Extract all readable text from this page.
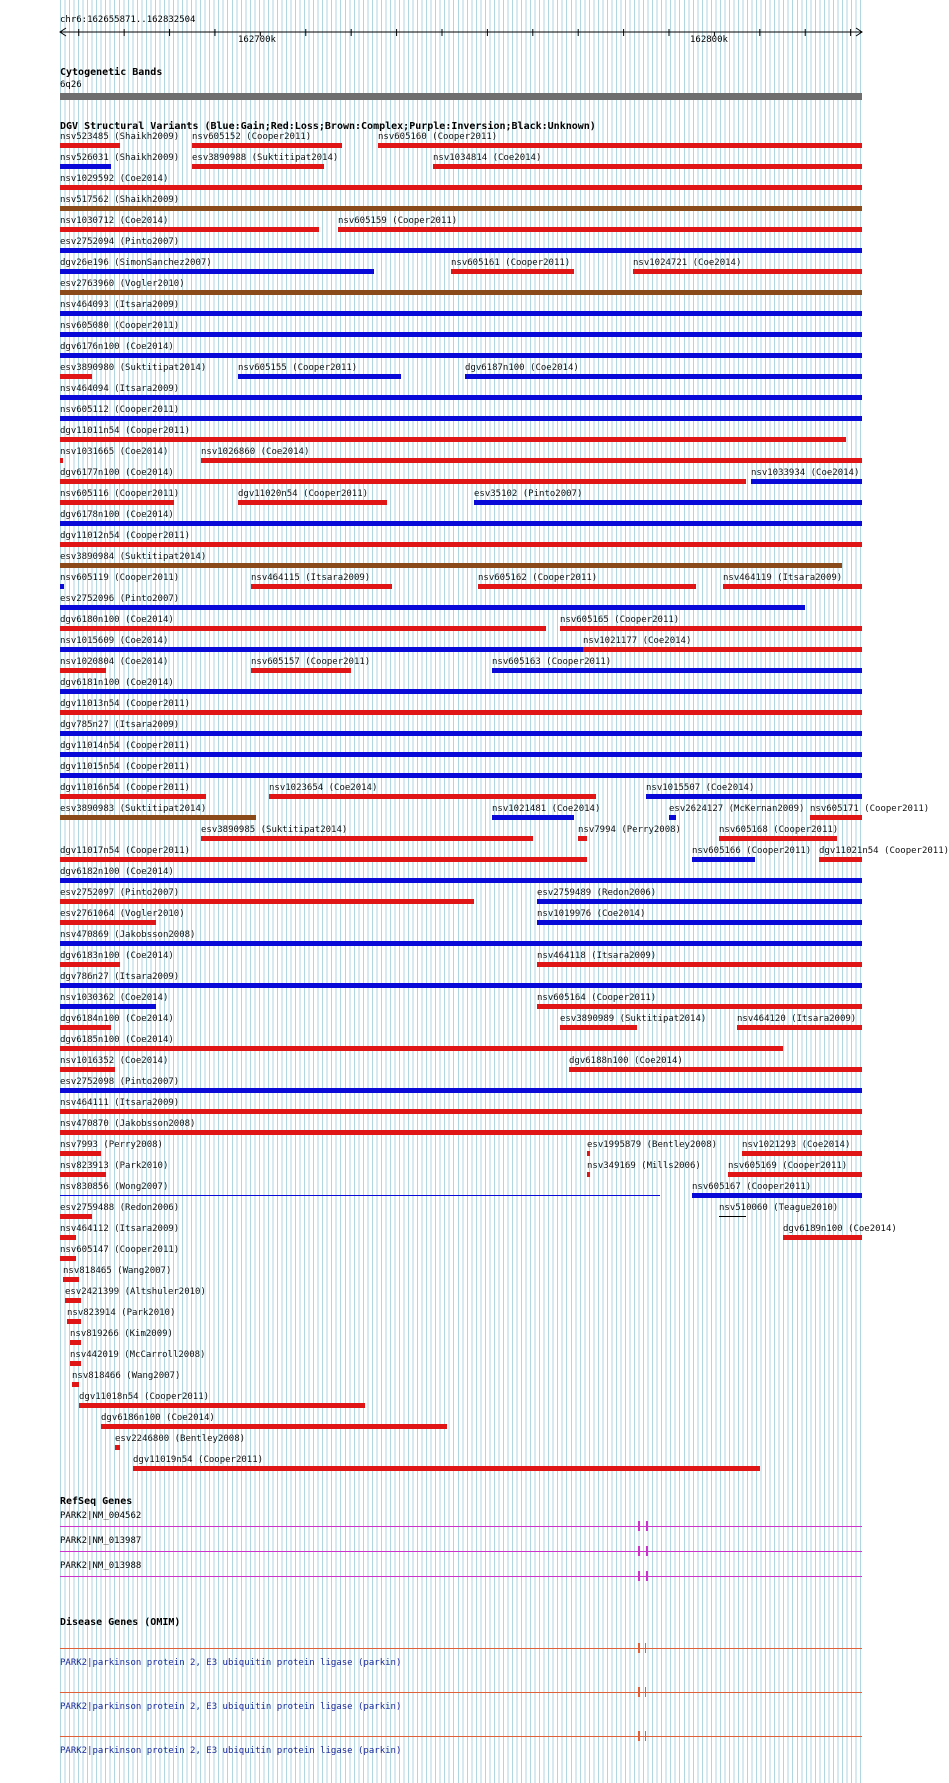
chr6:162655871..162832504
162700k	162800k
Cytogenetic Bands
6q26
DGV Structural Variants (Blue:Gain;Red:Loss;Brown:Complex;Purple:Inversion;Black:Unknown)
nsv523485 (Shaikh2009) nsv605152 (Cooper2011)	nsv605160 (Cooper2011)
nsv526031 (Shaikh2009) esv3890988 (Suktitipat2014)	nsv1034814 (Coe2014)
nsv1029592 (Coe2014)
nsv517562 (Shaikh2009)
nsv1030712 (Coe2014)	nsv605159 (Cooper2011)
esv2752094 (Pinto2007)
dgv26e196 (SimonSanchez2007)	nsv605161 (Cooper2011)	nsv1024721 (Coe2014)
esv2763960 (Vogler2010)
nsv464093 (Itsara2009)
nsv605080 (Cooper2011)
dgv6176n100 (Coe2014)
esv3890980 (Suktitipat2014)	nsv605155 (Cooper2011)	dgv6187n100 (Coe2014)
nsv464094 (Itsara2009)
nsv605112 (Cooper2011)
dgv11011n54 (Cooper2011)
nsv1031665 (Coe2014)	nsv1026860 (Coe2014)
dgv6177n100 (Coe2014)	nsv1033934 (Coe2014)
nsv605116 (Cooper2011)	dgv11020n54 (Cooper2011)	esv35102 (Pinto2007)
dgv6178n100 (Coe2014)
dgv11012n54 (Cooper2011)
esv3890984 (Suktitipat2014)
nsv605119 (Cooper2011)	nsv464115 (Itsara2009)	nsv605162 (Cooper2011)	nsv464119 (Itsara2009)
esv2752096 (Pinto2007)
dgv6180n100 (Coe2014)	nsv605165 (Cooper2011)
nsv1015609 (Coe2014)	nsv1021177 (Coe2014)
nsv1020804 (Coe2014)	nsv605157 (Cooper2011)	nsv605163 (Cooper2011)
dgv6181n100 (Coe2014)
dgv11013n54 (Cooper2011)
dgv785n27 (Itsara2009)
dgv11014n54 (Cooper2011)
dgv11015n54 (Cooper2011)
dgv11016n54 (Cooper2011)	nsv1023654 (Coe2014)	nsv1015507 (Coe2014)
esv3890983 (Suktitipat2014)	nsv1021481 (Coe2014)	esv2624127 (McKernan2009) nsv605171 (Cooper2011)
esv3890985 (Suktitipat2014)	nsv7994 (Perry2008)	nsv605168 (Cooper2011)
dgv11017n54 (Cooper2011)	nsv605166 (Cooper2011) dgv11021n54 (Cooper2011)
dgv6182n100 (Coe2014)
esv2752097 (Pinto2007)	esv2759489 (Redon2006)
esv2761064 (Vogler2010)	nsv1019976 (Coe2014)
nsv470869 (Jakobsson2008)
dgv6183n100 (Coe2014)	nsv464118 (Itsara2009)
dgv786n27 (Itsara2009)
nsv1030362 (Coe2014)	nsv605164 (Cooper2011)
dgv6184n100 (Coe2014)	esv3890989 (Suktitipat2014)	nsv464120 (Itsara2009)
dgv6185n100 (Coe2014)
nsv1016352 (Coe2014)	dgv6188n100 (Coe2014)
esv2752098 (Pinto2007)
nsv464111 (Itsara2009)
nsv470870 (Jakobsson2008)
nsv7993 (Perry2008)	esv1995879 (Bentley2008)	nsv1021293 (Coe2014)
nsv823913 (Park2010)	nsv349169 (Mills2006)	nsv605169 (Cooper2011)
nsv830856 (Wong2007)	nsv605167 (Cooper2011)
esv2759488 (Redon2006)	nsv510060 (Teague2010)
nsv464112 (Itsara2009)	dgv6189n100 (Coe2014)
nsv605147 (Cooper2011)
nsv818465 (Wang2007)
esv2421399 (Altshuler2010)
nsv823914 (Park2010)
nsv819266 (Kim2009)
nsv442019 (McCarroll2008)
nsv818466 (Wang2007)
dgv11018n54 (Cooper2011)
dgv6186n100 (Coe2014)
esv2246800 (Bentley2008)
dgv11019n54 (Cooper2011)
RefSeq Genes
PARK2|NM_004562
PARK2|NM_013987
PARK2|NM_013988
Disease Genes (OMIM)
PARK2|parkinson protein 2, E3 ubiquitin protein ligase (parkin)
PARK2|parkinson protein 2, E3 ubiquitin protein ligase (parkin)
PARK2|parkinson protein 2, E3 ubiquitin protein ligase (parkin)
